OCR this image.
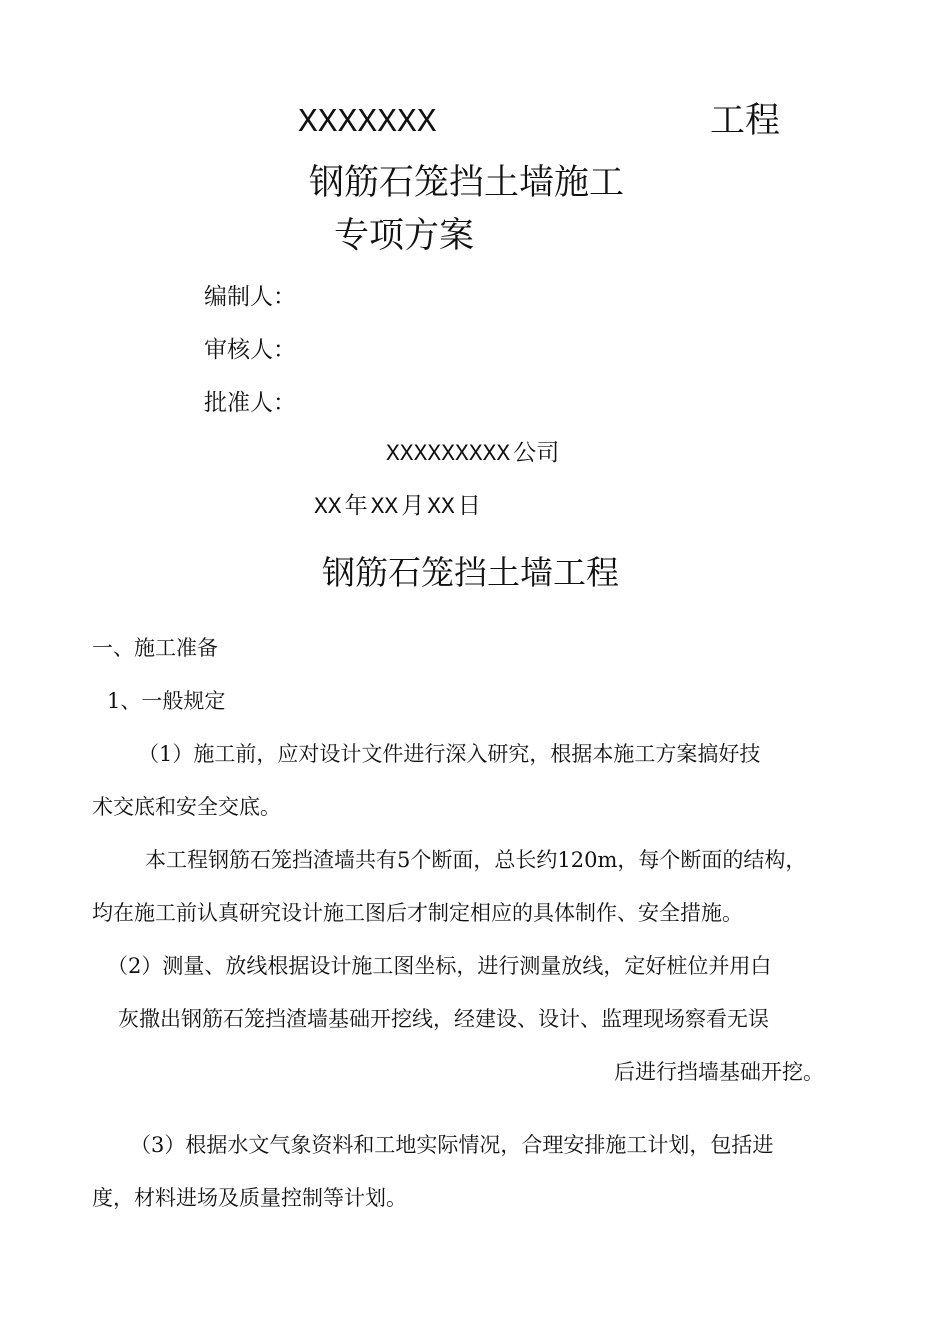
XXXXXXX	工程
钢筋石笼挡土墙施工
专项方案
编制人：
审核人：
批准人：
XXXXXXXXX 公司
XX 年 XX 月 XX 日
钢筋石笼挡土墙工程
一、施工准备
1、一般规定
（1）施工前，应对设计文件进行深入研究，根据本施工方案搞好技
术交底和安全交底。
本工程钢筋石笼挡渣墙共有5个断面，总长约120m，每个断面的结构，
均在施工前认真研究设计施工图后才制定相应的具体制作、安全措施。
（2）测量、放线根据设计施工图坐标，进行测量放线，定好桩位并用白
灰撒出钢筋石笼挡渣墙基础开挖线，经建设、设计、监理现场察看无误
后进行挡墙基础开挖。
（3）根据水文气象资料和工地实际情况，合理安排施工计划，包括进
度，材料进场及质量控制等计划。
